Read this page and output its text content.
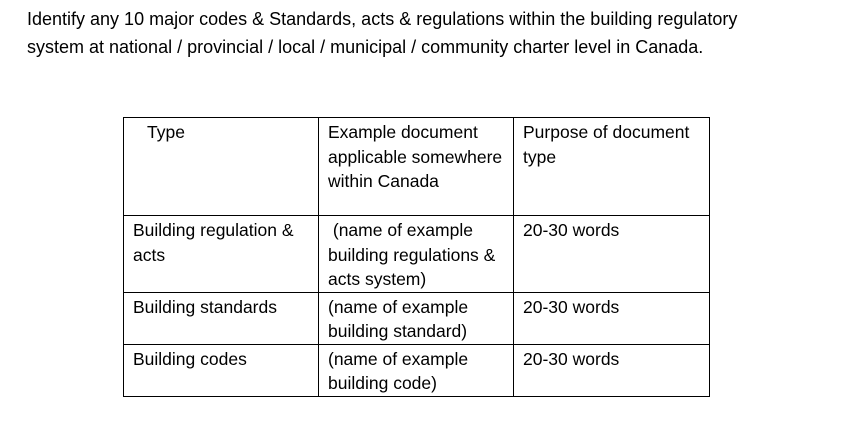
Identify any 10 major codes & Standards, acts & regulations within the building regulatory
system at national / provincial / local / municipal / community charter level in Canada.

Type	Example document applicable somewhere within Canada	Purpose of document type
Building regulation & acts	(name of example building regulations & acts system)	20-30 words
Building standards	(name of example building standard)	20-30 words
Building codes	(name of example building code)	20-30 words
